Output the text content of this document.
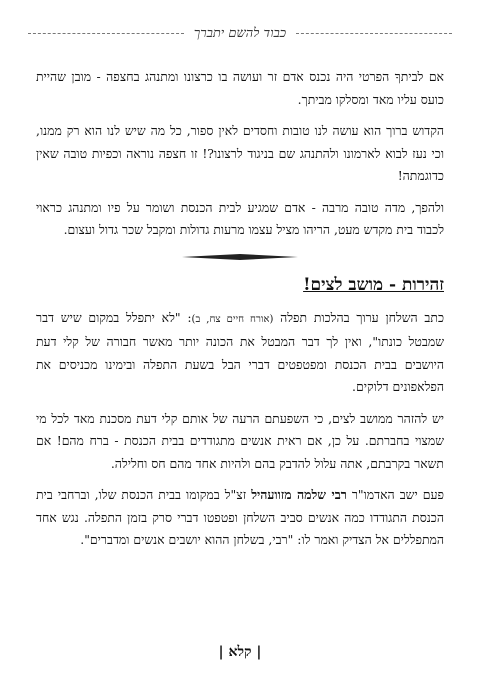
כבוד להשם יתברך

אם לביתךָ הפרטי היה נכנס אדם זר ועושה בו כרצונו ומתנהג בחצפה - מובן שהיית כועס עליו מאד ומסלקו מביתך.

הקדוש ברוך הוא עושה לנו טובות וחסדים לאין ספור, כל מה שיש לנו הוא רק ממנו, וכי נעז לבוא לארמונו ולהתנהג שם בניגוד לרצונו?! זו חצפה נוראה וכפיות טובה שאין כדוגמתה!

ולהפך, מדה טובה מרבה - אדם שמגיע לבית הכנסת ושומר על פיו ומתנהג כראוי לכבוד בית מקדש מעט, הריהו מציל עצמו מרעות גדולות ומקבל שכר גדול ועצום.

זהירות - מושב לצים!

כתב השלחן ערוך בהלכות תפלה (אורח חיים צח, ב): "לא יתפלל במקום שיש דבר שמבטל כונתו", ואין לך דבר המבטל את הכונה יותר מאשר חבורה של קלי דעת היושבים בבית הכנסת ומפטפטים דברי הבל בשעת התפלה ובימינו מכניסים את הפלאפונים דלוקים.

יש להזהר ממושב לצים, כי השפעתם הרעה של אותם קלי דעת מסכנת מאד לכל מי שמצוי בחברתם. על כן, אם ראית אנשים מתגודדים בבית הכנסת - ברח מהם! אם תשאר בקרבתם, אתה עלול להדבק בהם ולהיות אחד מהם חס וחלילה.

פעם ישב האדמו"ר רבי שלמה מזוועהיל זצ"ל במקומו בבית הכנסת שלו, וברחבי בית הכנסת התגודדו כמה אנשים סביב השלחן ופטפטו דברי סרק בזמן התפלה. נגש אחד המתפללים אל הצדיק ואמר לו: "רבי, בשלחן ההוא יושבים אנשים ומדברים".

| קלא |
